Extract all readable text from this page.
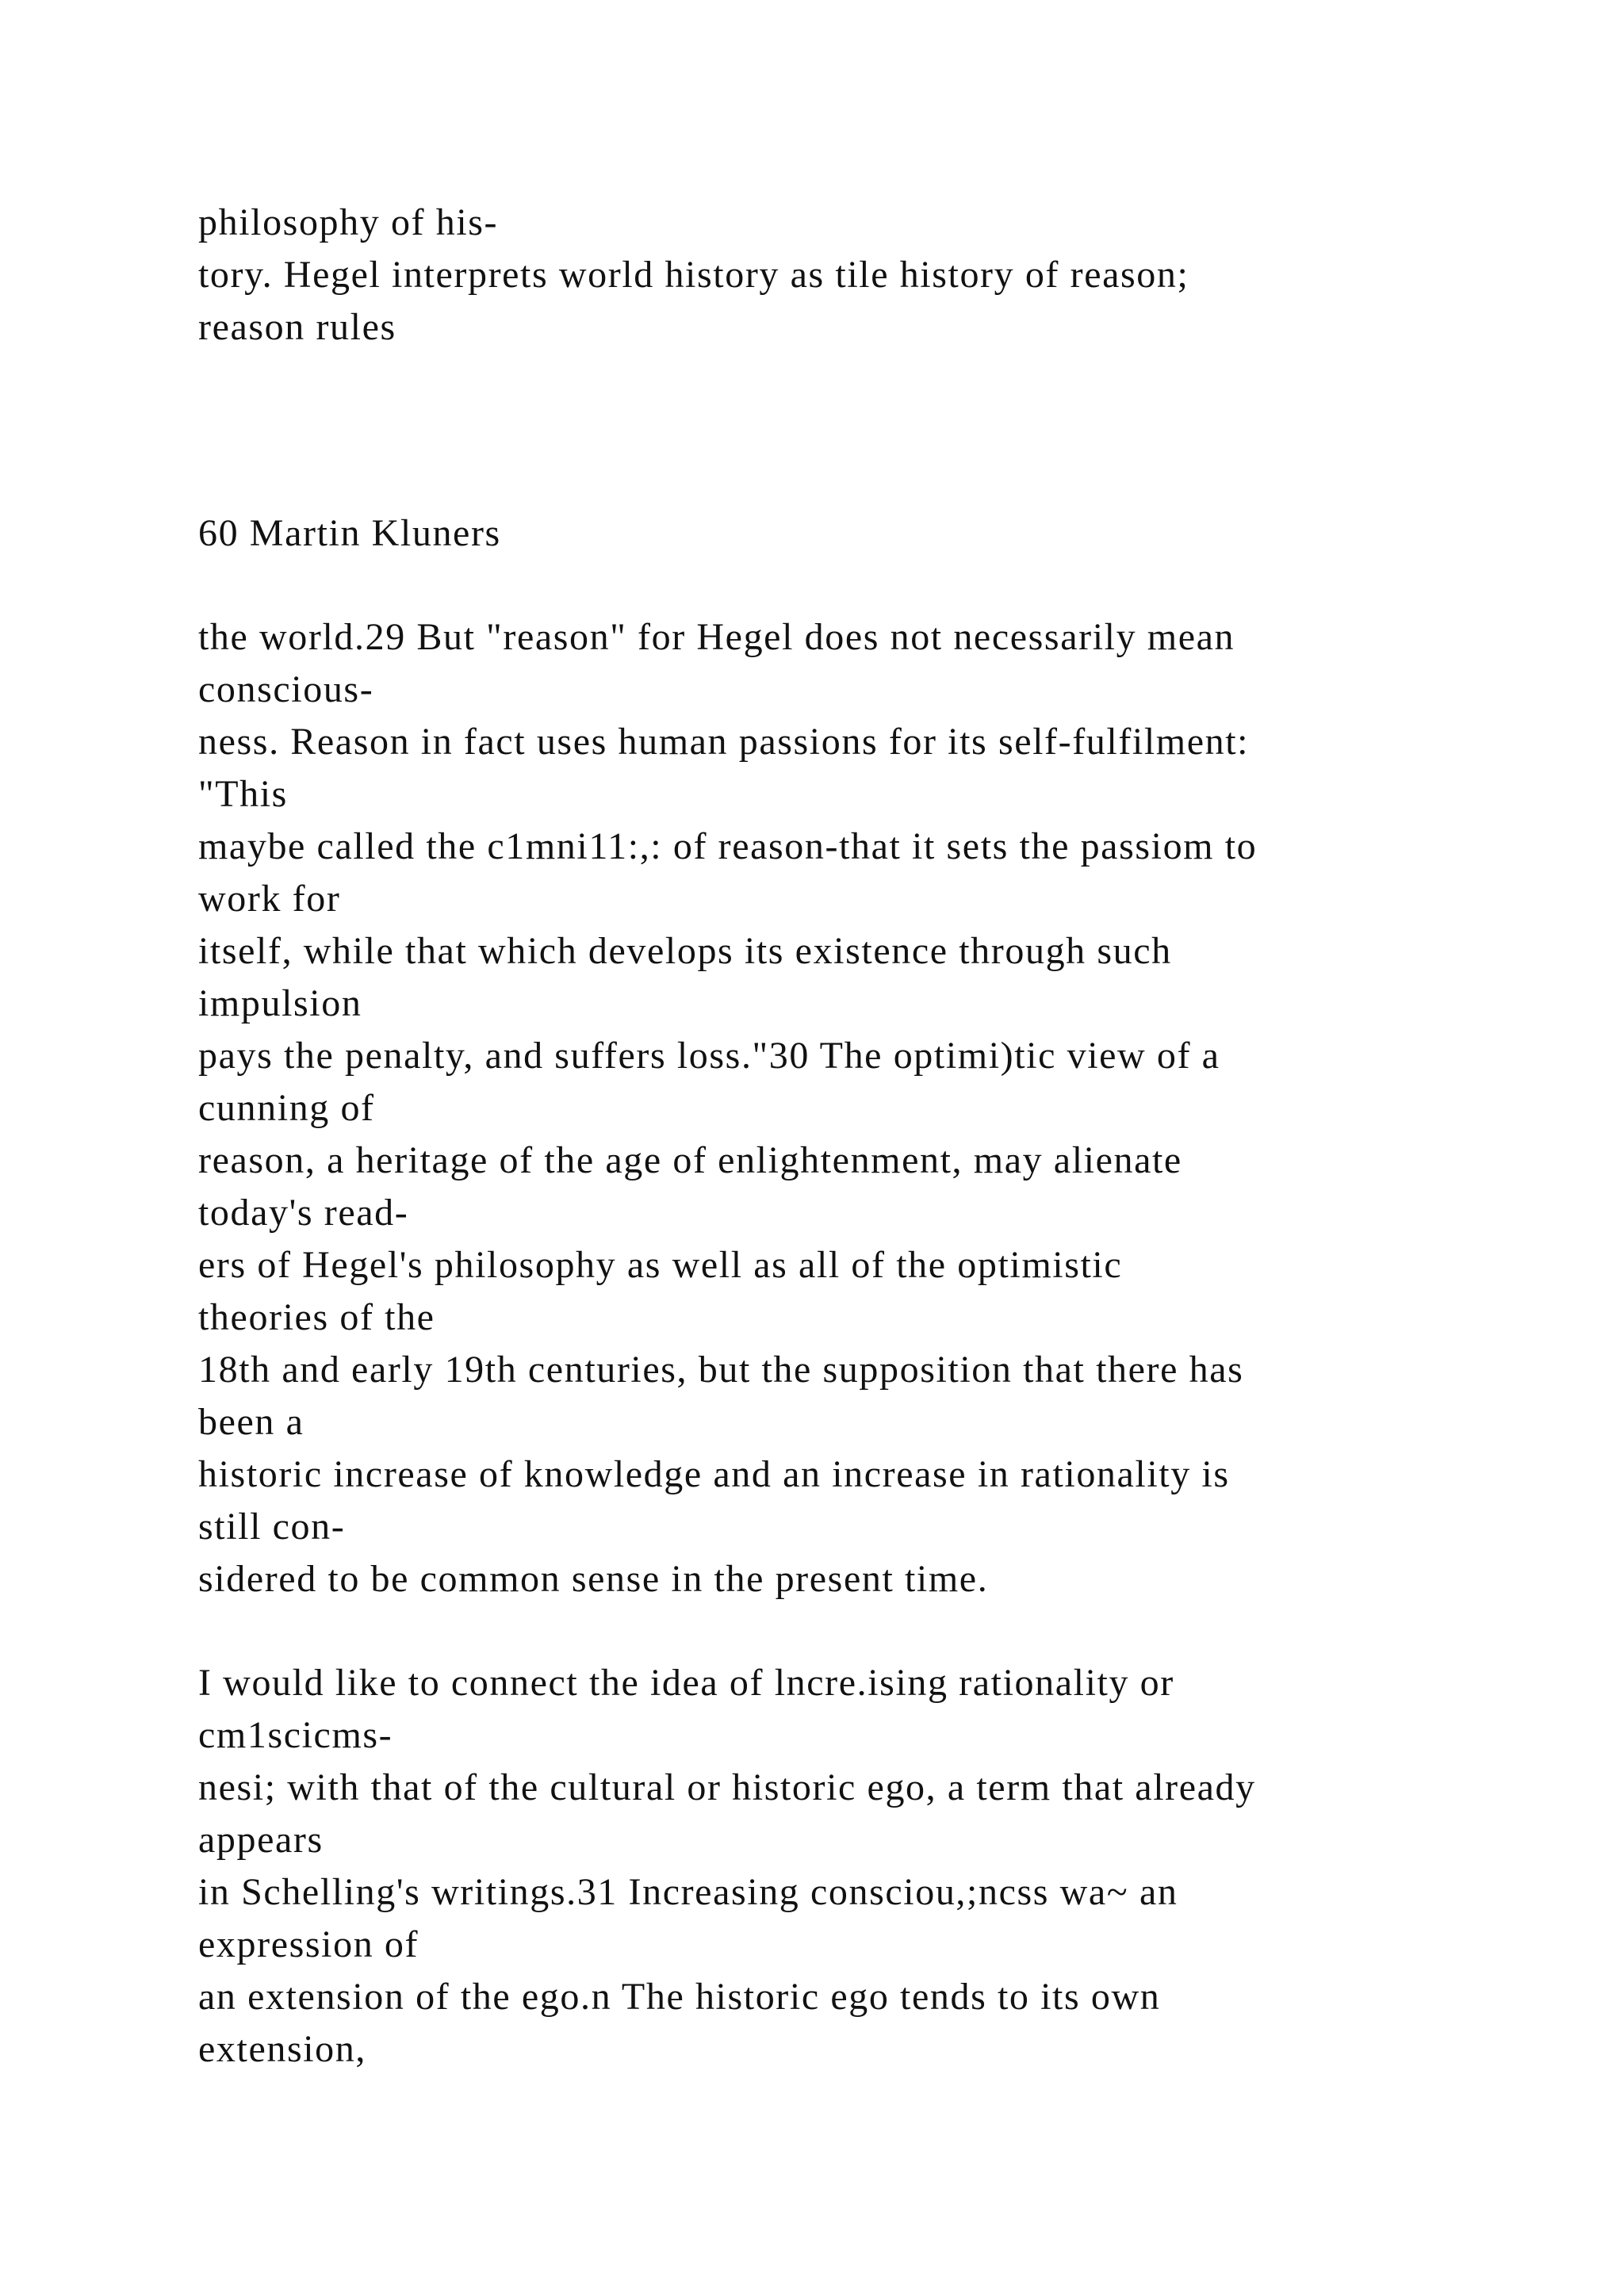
philosophy of his-

tory. Hegel interprets world history as tile history of reason;

reason rules

60 Martin Kluners

the world.29 But "reason" for Hegel does not necessarily mean

conscious-

ness. Reason in fact uses human passions for its self-fulfilment:

"This

maybe called the c1mni11:,: of reason-that it sets the passiom to

work for

itself, while that which develops its existence through such

impulsion

pays the penalty, and suffers loss."30 The optimi)tic view of a

cunning of

reason, a heritage of the age of enlightenment, may alienate

today's read-

ers of Hegel's philosophy as well as all of the optimistic

theories of the

18th and early 19th centuries, but the supposition that there has

been a

historic increase of knowledge and an increase in rationality is

still con-

sidered to be common sense in the present time.

I would like to connect the idea of lncre.ising rationality or

cm1scicms-

nesi; with that of the cultural or historic ego, a term that already

appears

in Schelling's writings.31 Increasing consciou,;ncss wa~ an

expression of

an extension of the ego.n The historic ego tends to its own

extension,
